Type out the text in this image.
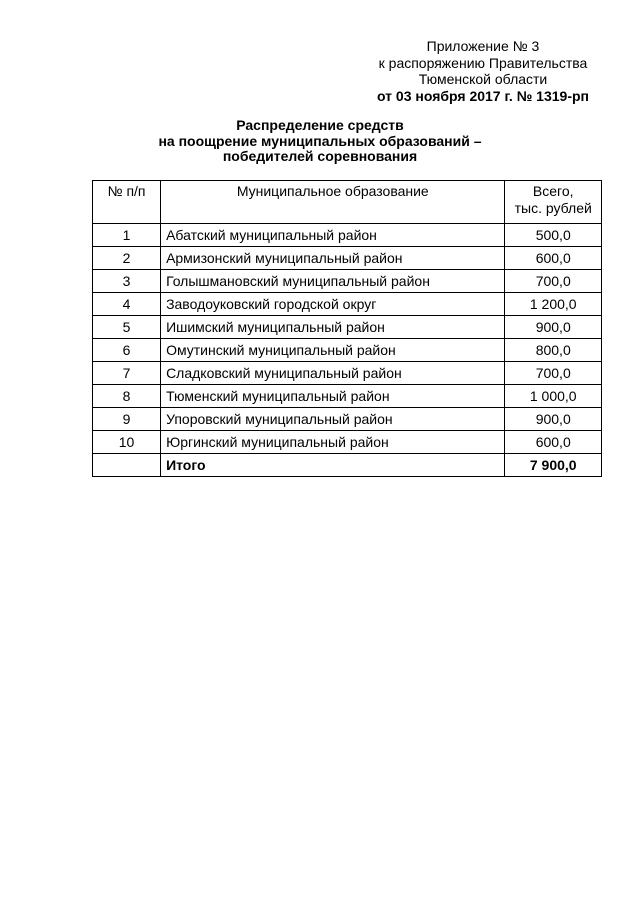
Приложение № 3
к распоряжению Правительства
Тюменской области
от 03 ноября 2017 г. № 1319-рп
Распределение средств
на поощрение муниципальных образований –
победителей соревнования
№ п/п	Муниципальное образование	Всего,
тыс. рублей

1	Абатский муниципальный район	500,0
2	Армизонский муниципальный район	600,0
3	Голышмановский муниципальный район	700,0
4	Заводоуковский городской округ	1 200,0
5	Ишимский муниципальный район	900,0
6	Омутинский муниципальный район	800,0
7	Сладковский муниципальный район	700,0
8	Тюменский муниципальный район	1 000,0
9	Упоровский муниципальный район	900,0
10	Юргинский муниципальный район	600,0
	Итого	7 900,0
